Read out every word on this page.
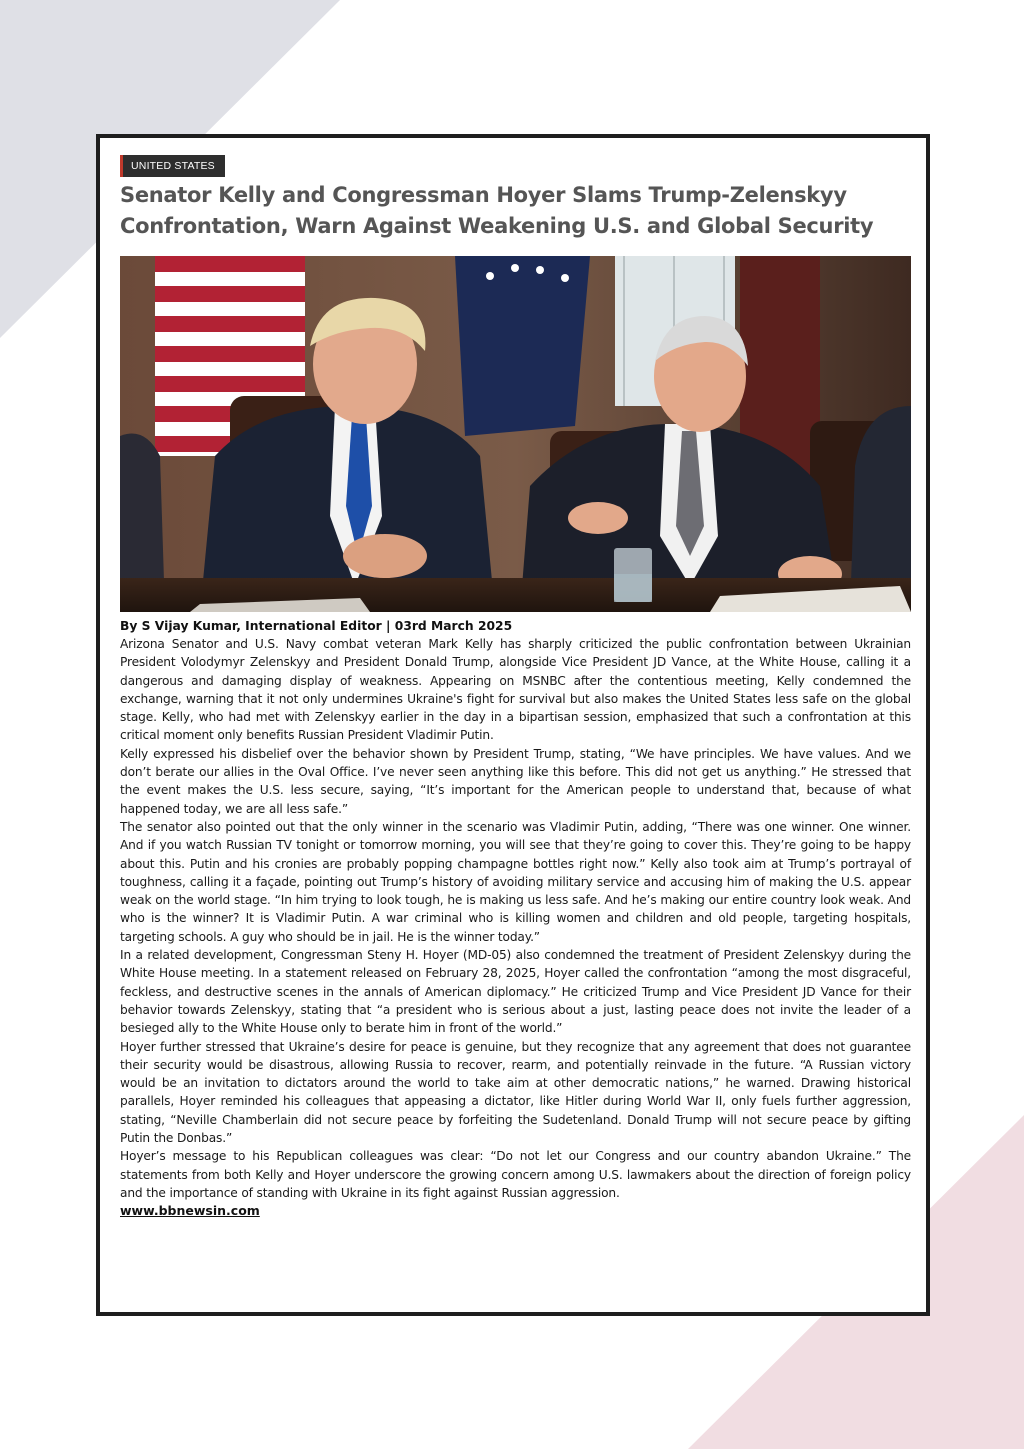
UNITED STATES
Senator Kelly and Congressman Hoyer Slams Trump-Zelenskyy Confrontation, Warn Against Weakening U.S. and Global Security

By S Vijay Kumar, International Editor | 03rd March 2025

Arizona Senator and U.S. Navy combat veteran Mark Kelly has sharply criticized the public confrontation between Ukrainian President Volodymyr Zelenskyy and President Donald Trump, alongside Vice President JD Vance, at the White House, calling it a dangerous and damaging display of weakness. Appearing on MSNBC after the contentious meeting, Kelly condemned the exchange, warning that it not only undermines Ukraine's fight for survival but also makes the United States less safe on the global stage. Kelly, who had met with Zelenskyy earlier in the day in a bipartisan session, emphasized that such a confrontation at this critical moment only benefits Russian President Vladimir Putin.

Kelly expressed his disbelief over the behavior shown by President Trump, stating, “We have principles. We have values. And we don’t berate our allies in the Oval Office. I’ve never seen anything like this before. This did not get us anything.” He stressed that the event makes the U.S. less secure, saying, “It’s important for the American people to understand that, because of what happened today, we are all less safe.”

The senator also pointed out that the only winner in the scenario was Vladimir Putin, adding, “There was one winner. One winner. And if you watch Russian TV tonight or tomorrow morning, you will see that they’re going to cover this. They’re going to be happy about this. Putin and his cronies are probably popping champagne bottles right now.” Kelly also took aim at Trump’s portrayal of toughness, calling it a façade, pointing out Trump’s history of avoiding military service and accusing him of making the U.S. appear weak on the world stage. “In him trying to look tough, he is making us less safe. And he’s making our entire country look weak. And who is the winner? It is Vladimir Putin. A war criminal who is killing women and children and old people, targeting hospitals, targeting schools. A guy who should be in jail. He is the winner today.”

In a related development, Congressman Steny H. Hoyer (MD-05) also condemned the treatment of President Zelenskyy during the White House meeting. In a statement released on February 28, 2025, Hoyer called the confrontation “among the most disgraceful, feckless, and destructive scenes in the annals of American diplomacy.” He criticized Trump and Vice President JD Vance for their behavior towards Zelenskyy, stating that “a president who is serious about a just, lasting peace does not invite the leader of a besieged ally to the White House only to berate him in front of the world.”

Hoyer further stressed that Ukraine’s desire for peace is genuine, but they recognize that any agreement that does not guarantee their security would be disastrous, allowing Russia to recover, rearm, and potentially reinvade in the future. “A Russian victory would be an invitation to dictators around the world to take aim at other democratic nations,” he warned. Drawing historical parallels, Hoyer reminded his colleagues that appeasing a dictator, like Hitler during World War II, only fuels further aggression, stating, “Neville Chamberlain did not secure peace by forfeiting the Sudetenland. Donald Trump will not secure peace by gifting Putin the Donbas.”

Hoyer’s message to his Republican colleagues was clear: “Do not let our Congress and our country abandon Ukraine.” The statements from both Kelly and Hoyer underscore the growing concern among U.S. lawmakers about the direction of foreign policy and the importance of standing with Ukraine in its fight against Russian aggression.

www.bbnewsin.com
